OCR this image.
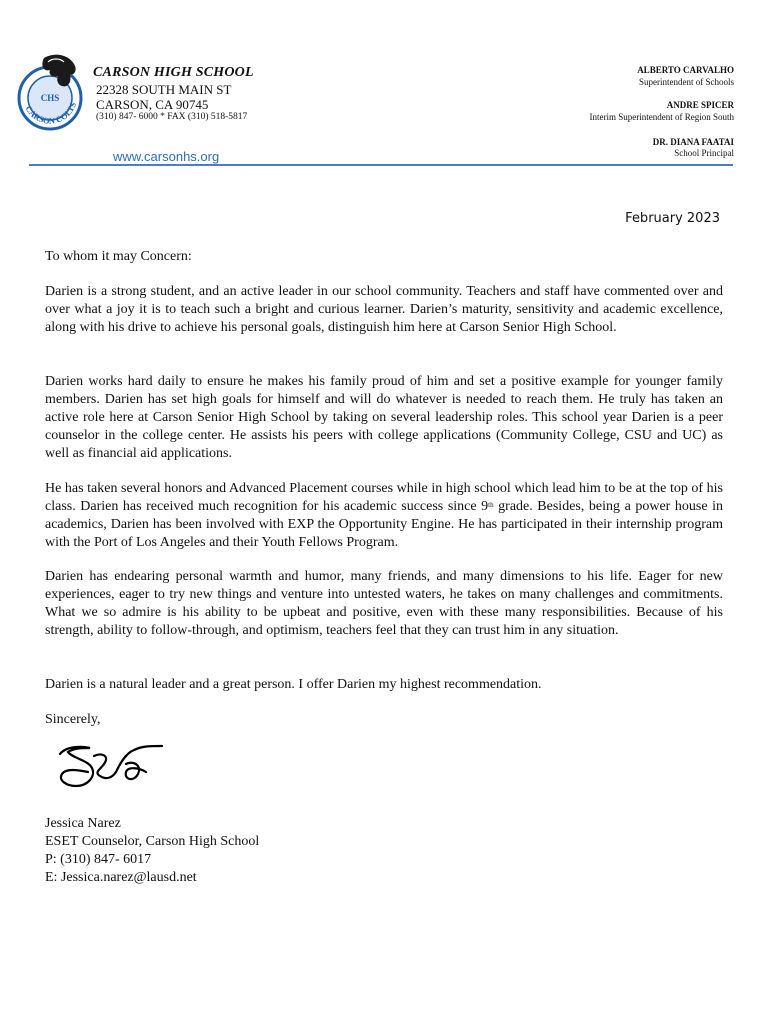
CARSON COLTS
CHS
CARSON HIGH SCHOOL
22328 SOUTH MAIN ST
CARSON, CA 90745
(310) 847- 6000 * FAX (310) 518-5817
ALBERTO CARVALHO
Superintendent of Schools
ANDRE SPICER
Interim Superintendent of Region South
DR. DIANA FAATAI
School Principal
www.carsonhs.org
February 2023
To whom it may Concern:

Darien is a strong student, and an active leader in our school community. Teachers and staff have commented over and over what a joy it is to teach such a bright and curious learner. Darien’s maturity, sensitivity and academic excellence, along with his drive to achieve his personal goals, distinguish him here at Carson Senior High School.

Darien works hard daily to ensure he makes his family proud of him and set a positive example for younger family members. Darien has set high goals for himself and will do whatever is needed to reach them. He truly has taken an active role here at Carson Senior High School by taking on several leadership roles. This school year Darien is a peer counselor in the college center. He assists his peers with college applications (Community College, CSU and UC) as well as financial aid applications.

He has taken several honors and Advanced Placement courses while in high school which lead him to be at the top of his class. Darien has received much recognition for his academic success since 9th grade. Besides, being a power house in academics, Darien has been involved with EXP the Opportunity Engine. He has participated in their internship program with the Port of Los Angeles and their Youth Fellows Program.

Darien has endearing personal warmth and humor, many friends, and many dimensions to his life. Eager for new experiences, eager to try new things and venture into untested waters, he takes on many challenges and commitments. What we so admire is his ability to be upbeat and positive, even with these many responsibilities. Because of his strength, ability to follow-through, and optimism, teachers feel that they can trust him in any situation.

Darien is a natural leader and a great person. I offer Darien my highest recommendation.
Sincerely,
Jessica Narez
ESET Counselor, Carson High School
P: (310) 847- 6017
E: Jessica.narez@lausd.net
